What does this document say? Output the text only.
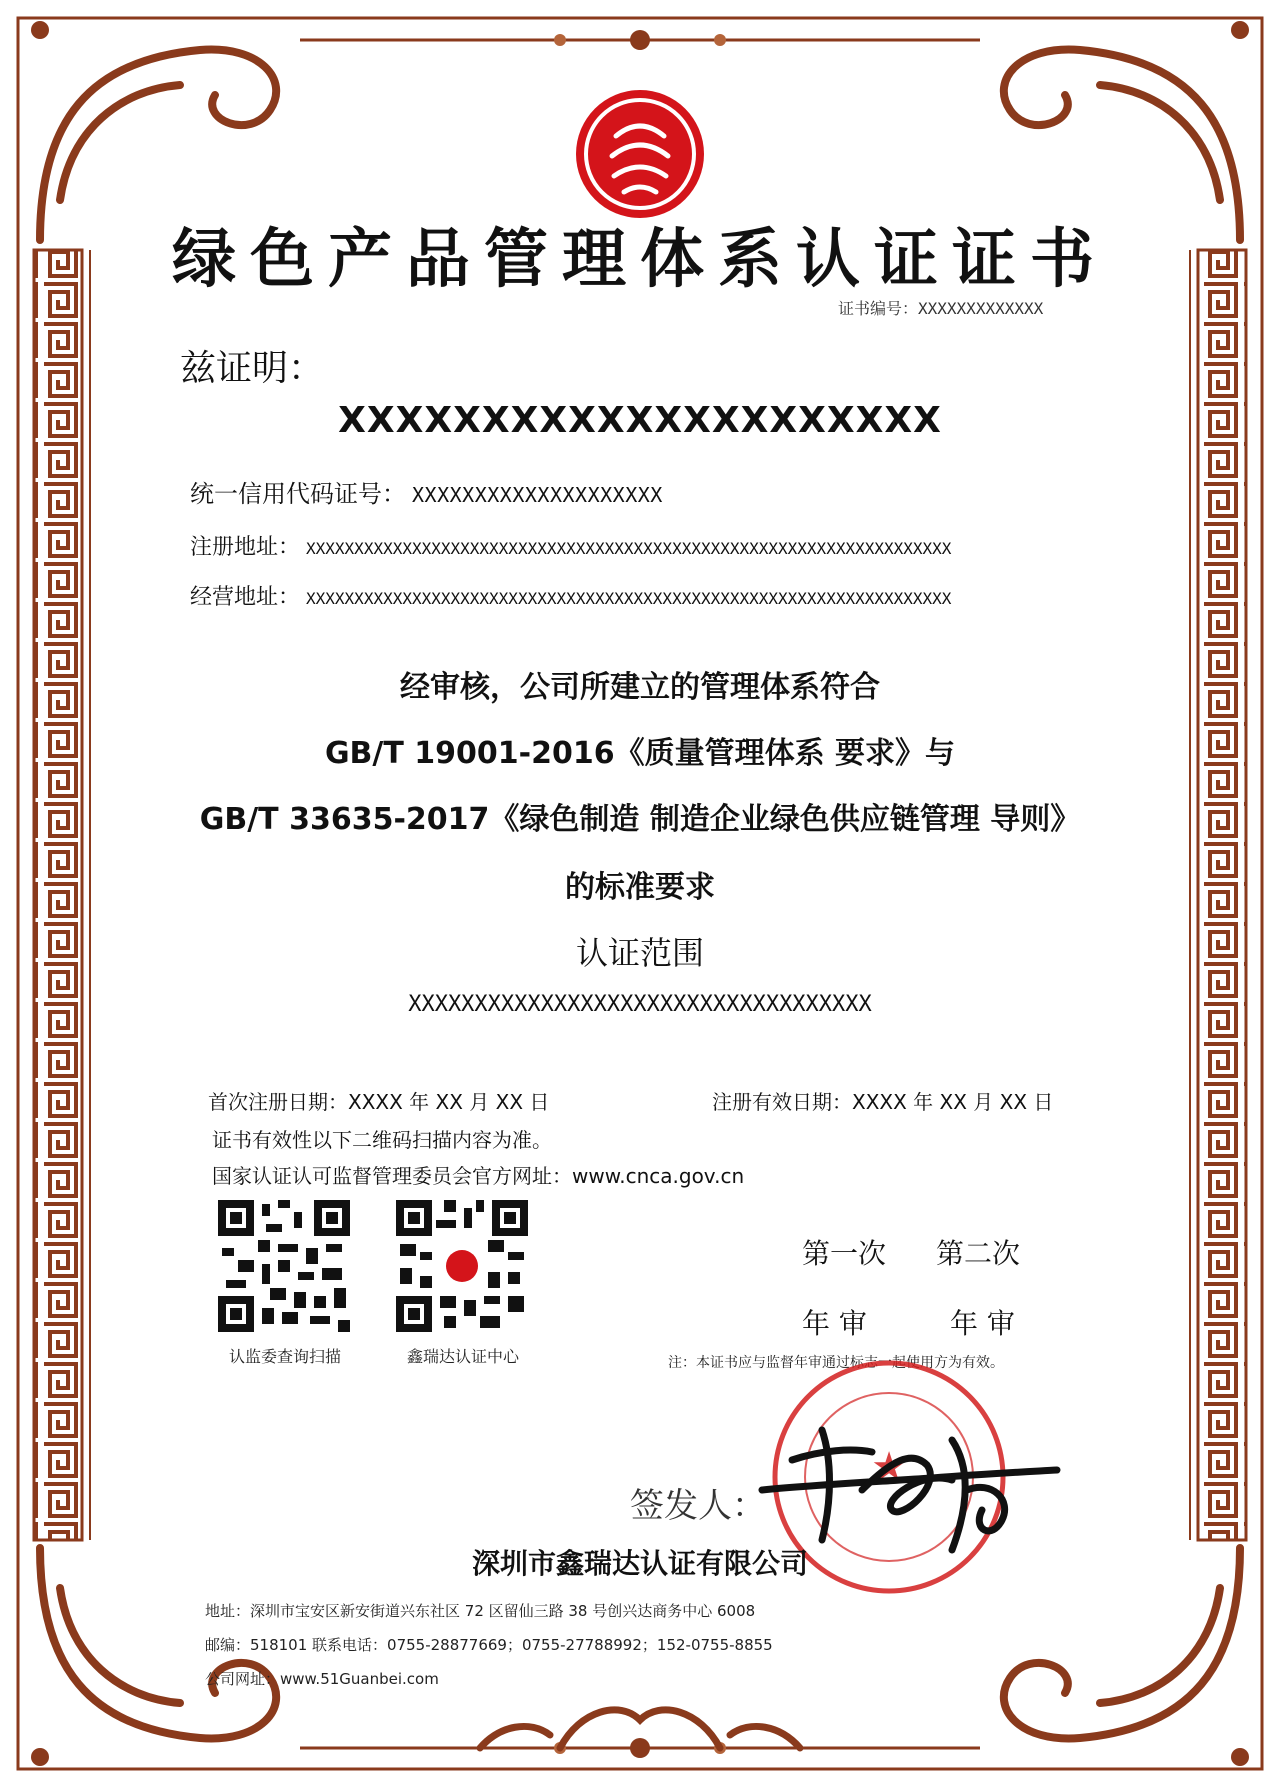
绿色产品管理体系认证证书
证书编号：XXXXXXXXXXXXX
兹证明：
XXXXXXXXXXXXXXXXXXXXX
统一信用代码证号： XXXXXXXXXXXXXXXXXXXX
注册地址： XXXXXXXXXXXXXXXXXXXXXXXXXXXXXXXXXXXXXXXXXXXXXXXXXXXXXXXXXXXXXXXXXXX
经营地址： XXXXXXXXXXXXXXXXXXXXXXXXXXXXXXXXXXXXXXXXXXXXXXXXXXXXXXXXXXXXXXXXXXX
经审核，公司所建立的管理体系符合
GB/T 19001-2016《质量管理体系 要求》与
GB/T 33635-2017《绿色制造 制造企业绿色供应链管理 导则》
的标准要求
认证范围
XXXXXXXXXXXXXXXXXXXXXXXXXXXXXXXXXXX
首次注册日期：XXXX 年 XX 月 XX 日	注册有效日期：XXXX 年 XX 月 XX 日
证书有效性以下二维码扫描内容为准。
国家认证认可监督管理委员会官方网址：www.cnca.gov.cn
认监委查询扫描	鑫瑞达认证中心
第一次 第二次
年 审	年 审
注：本证书应与监督年审通过标志一起使用方为有效。
签发人：
★
深圳市鑫瑞达认证有限公司
地址：深圳市宝安区新安街道兴东社区 72 区留仙三路 38 号创兴达商务中心 6008
邮编：518101 联系电话：0755-28877669；0755-27788992；152-0755-8855
公司网址：www.51Guanbei.com
